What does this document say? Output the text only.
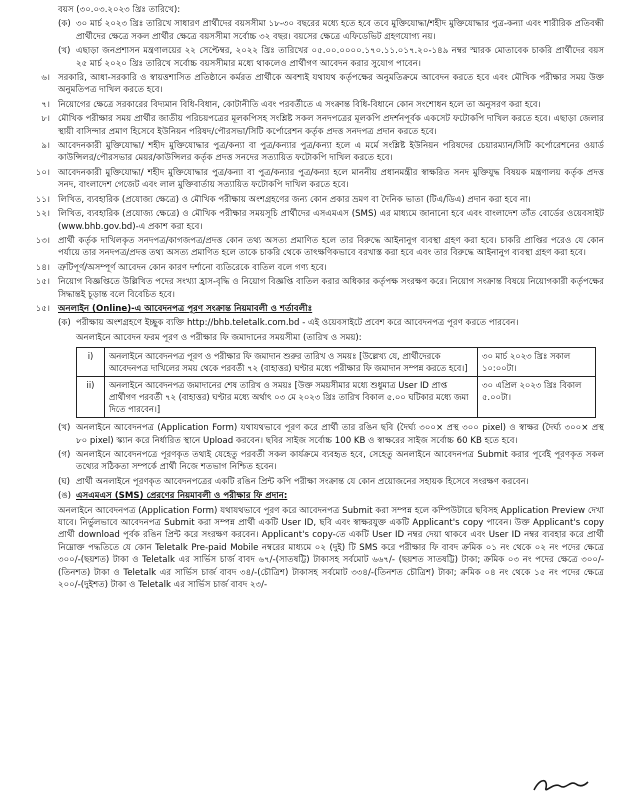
বয়স (৩০.০৩.২০২৩ খ্রিঃ তারিখে):
(ক) ৩০ মার্চ ২০২৩ খ্রিঃ তারিখে সাধারণ প্রার্থীদের বয়সসীমা ১৮-৩০ বছরের মধ্যে হতে হবে তবে মুক্তিযোদ্ধা/শহীদ মুক্তিযোদ্ধার পুত্র-কন্যা এবং শারীরিক প্রতিবন্ধী প্রার্থীদের ক্ষেত্রে সকল প্রার্থীর ক্ষেত্রে বয়সসীমা সর্বোচ্চ ৩২ বছর। বয়সের ক্ষেত্রে এফিডেভিট গ্রহণযোগ্য নয়।
(খ) এছাড়া জনপ্রশাসন মন্ত্রণালয়ের ২২ সেপ্টেম্বর, ২০২২ খ্রিঃ তারিখের ০৫.০০.০০০০.১৭০.১১.০১৭.২০-১৪৯ নম্বর স্মারক মোতাবেক চাকরি প্রার্থীদের বয়স ২৫ মার্চ ২০২০ খ্রিঃ তারিখে সর্বোচ্চ বয়সসীমার মধ্যে থাকলেও প্রার্থীগণ আবেদন করার সুযোগ পাবেন।
৬। সরকারি, আধা-সরকারি ও স্বায়ত্তশাসিত প্রতিষ্ঠানে কর্মরত প্রার্থীকে অবশ্যই যথাযথ কর্তৃপক্ষের অনুমতিক্রমে আবেদন করতে হবে এবং মৌখিক পরীক্ষার সময় উক্ত অনুমতিপত্র দাখিল করতে হবে।
৭। নিয়োগের ক্ষেত্রে সরকারের বিদ্যমান বিধি-বিধান, কোটানীতি এবং পরবর্তীতে এ সংক্রান্ত বিধি-বিধানে কোন সংশোধন হলে তা অনুসরণ করা হবে।
৮। মৌখিক পরীক্ষার সময় প্রার্থীর জাতীয় পরিচয়পত্রের মূলকপিসহ সংশ্লিষ্ট সকল সনদপত্রের মূলকপি প্রদর্শনপূর্বক একসেট ফটোকপি দাখিল করতে হবে। এছাড়া জেলার স্থায়ী বাসিন্দার প্রমাণ হিসেবে ইউনিয়ন পরিষদ/পৌরসভা/সিটি কর্পোরেশন কর্তৃক প্রদত্ত সনদপত্র প্রদান করতে হবে।
৯। আবেদনকারী মুক্তিযোদ্ধা/ শহীদ মুক্তিযোদ্ধার পুত্র/কন্যা বা পুত্র/কন্যার পুত্র/কন্যা হলে এ মর্মে সংশ্লিষ্ট ইউনিয়ন পরিষদের চেয়ারম্যান/সিটি কর্পোরেশনের ওয়ার্ড কাউন্সিলর/পৌরসভার মেয়র/কাউন্সিলর কর্তৃক প্রদত্ত সনদের সত্যায়িত ফটোকপি দাখিল করতে হবে।
১০। আবেদনকারী মুক্তিযোদ্ধা/ শহীদ মুক্তিযোদ্ধার পুত্র/কন্যা বা পুত্র/কন্যার পুত্র/কন্যা হলে মাননীয় প্রধানমন্ত্রীর স্বাক্ষরিত সনদ মুক্তিযুদ্ধ বিষয়ক মন্ত্রণালয় কর্তৃক প্রদত্ত সনদ, বাংলাদেশ গেজেট এবং লাল মুক্তিবার্তায় সত্যায়িত ফটোকপি দাখিল করতে হবে।
১১। লিখিত, ব্যবহারিক (প্রযোজ্য ক্ষেত্রে) ও মৌখিক পরীক্ষায় অংশগ্রহণের জন্য কোন প্রকার ভ্রমণ বা দৈনিক ভাতা (টিএ/ডিএ) প্রদান করা হবে না।
১২। লিখিত, ব্যবহারিক (প্রযোজ্য ক্ষেত্রে) ও মৌখিক পরীক্ষার সময়সূচি প্রার্থীদের এসএমএস (SMS) এর মাধ্যমে জানানো হবে এবং বাংলাদেশ তাঁত বোর্ডের ওয়েবসাইট (www.bhb.gov.bd)-এ প্রকাশ করা হবে।
১৩। প্রার্থী কর্তৃক দাখিলকৃত সনদপত্র/কাগজপত্র/প্রদত্ত কোন তথ্য অসত্য প্রমাণিত হলে তার বিরুদ্ধে আইনানুগ ব্যবস্থা গ্রহণ করা হবে। চাকরি প্রাপ্তির পরেও যে কোন পর্যায়ে তার সনদপত্র/প্রদত্ত তথ্য অসত্য প্রমাণিত হলে তাকে চাকরি থেকে তাৎক্ষণিকভাবে বরখাস্ত করা হবে এবং তার বিরুদ্ধে আইনানুগ ব্যবস্থা গ্রহণ করা হবে।
১৪। ত্রুটিপূর্ণ/অসম্পূর্ণ আবেদন কোন কারণ দর্শানো ব্যতিরেকে বাতিল বলে গণ্য হবে।
১৫। নিয়োগ বিজ্ঞপ্তিতে উল্লিখিত পদের সংখ্যা হ্রাস-বৃদ্ধি ও নিয়োগ বিজ্ঞপ্তি বাতিল করার অধিকার কর্তৃপক্ষ সংরক্ষণ করে। নিয়োগ সংক্রান্ত বিষয়ে নিয়োগকারী কর্তৃপক্ষের সিদ্ধান্তই চূড়ান্ত বলে বিবেচিত হবে।
১৫। অনলাইন (Online)-এ আবেদনপত্র পূরণ সংক্রান্ত নিয়মাবলী ও শর্তাবলীঃ
(ক) পরীক্ষায় অংশগ্রহণে ইচ্ছুক ব্যক্তি http://bhb.teletalk.com.bd - এই ওয়েবসাইটে প্রবেশ করে আবেদনপত্র পূরণ করতে পারবেন।
অনলাইনে আবেদন ফরম পূরণ ও পরীক্ষার ফি জমাদানের সময়সীমা (তারিখ ও সময়):
i)	অনলাইনে আবেদনপত্র পূরণ ও পরীক্ষার ফি জমাদান শুরুর তারিখ ও সময়ঃ [উল্লেখ্য যে, প্রার্থীদেরকে আবেদনপত্র দাখিলের সময় থেকে পরবর্তী ৭২ (বাহাত্তর) ঘণ্টার মধ্যে পরীক্ষার ফি জমাদান সম্পন্ন করতে হবে।]	৩০ মার্চ ২০২৩ খ্রিঃ সকাল ১০:০০টা।
ii)	অনলাইনে আবেদনপত্র জমাদানের শেষ তারিখ ও সময়ঃ [উক্ত সময়সীমার মধ্যে শুধুমাত্র User ID প্রাপ্ত প্রার্থীগণ পরবর্তী ৭২ (বাহাত্তর) ঘণ্টার মধ্যে অর্থাৎ ০৩ মে ২০২৩ খ্রিঃ তারিখ বিকাল ৫.০০ ঘটিকার মধ্যে জমা দিতে পারবেন।]	৩০ এপ্রিল ২০২৩ খ্রিঃ বিকাল ৫.০০টা।
(খ) অনলাইনে আবেদনপত্র (Application Form) যথাযথভাবে পূরণ করে প্রার্থী তার রঙিন ছবি (দৈর্ঘ্য ৩০০× প্রস্থ ৩০০ pixel) ও স্বাক্ষর (দৈর্ঘ্য ৩০০× প্রস্থ ৮০ pixel) স্ক্যান করে নির্ধারিত স্থানে Upload করবেন। ছবির সাইজ সর্বোচ্চ 100 KB ও স্বাক্ষরের সাইজ সর্বোচ্চ 60 KB হতে হবে।
(গ) অনলাইনে আবেদনপত্রে পূরণকৃত তথ্যই যেহেতু পরবর্তী সকল কার্যক্রমে ব্যবহৃত হবে, সেহেতু অনলাইনে আবেদনপত্র Submit করার পূর্বেই পূরণকৃত সকল তথ্যের সঠিকতা সম্পর্কে প্রার্থী নিজে শতভাগ নিশ্চিত হবেন।
(ঘ) প্রার্থী অনলাইনে পূরণকৃত আবেদনপত্রের একটি রঙিন প্রিন্ট কপি পরীক্ষা সংক্রান্ত যে কোন প্রয়োজনের সহায়ক হিসেবে সংরক্ষণ করবেন।
(ঙ) এসএমএস (SMS) প্রেরণের নিয়মাবলী ও পরীক্ষার ফি প্রদান:
অনলাইনে আবেদনপত্র (Application Form) যথাযথভাবে পূরণ করে আবেদনপত্র Submit করা সম্পন্ন হলে কম্পিউটারে ছবিসহ Application Preview দেখা যাবে। নির্ভুলভাবে আবেদনপত্র Submit করা সম্পন্ন প্রার্থী একটি User ID, ছবি এবং স্বাক্ষরযুক্ত একটি Applicant's copy পাবেন। উক্ত Applicant's copy প্রার্থী download পূর্বক রঙিন প্রিন্ট করে সংরক্ষণ করবেন। Applicant's copy-তে একটি User ID নম্বর দেয়া থাকবে এবং User ID নম্বর ব্যবহার করে প্রার্থী নিম্নোক্ত পদ্ধতিতে যে কোন Teletalk Pre-paid Mobile নম্বরের মাধ্যমে ০২ (দুই) টি SMS করে পরীক্ষার ফি বাবদ ক্রমিক ০১ নং থেকে ০২ নং পদের ক্ষেত্রে ৩০০/-(ছয়শত) টাকা ও Teletalk এর সার্ভিস চার্জ বাবদ ৬৭/-(সাতষট্টি) টাকাসহ সর্বমোট ৬৬৭/- (ছয়শত সাতষট্টি) টাকা; ক্রমিক ০৩ নং পদের ক্ষেত্রে ৩০০/-(তিনশত) টাকা ও Teletalk এর সার্ভিস চার্জ বাবদ ৩৪/-(চৌত্রিশ) টাকাসহ সর্বমোট ৩৩৪/-(তিনশত চৌত্রিশ) টাকা; ক্রমিক ০৪ নং থেকে ১৫ নং পদের ক্ষেত্রে ২০০/-(দুইশত) টাকা ও Teletalk এর সার্ভিস চার্জ বাবদ ২৩/-
